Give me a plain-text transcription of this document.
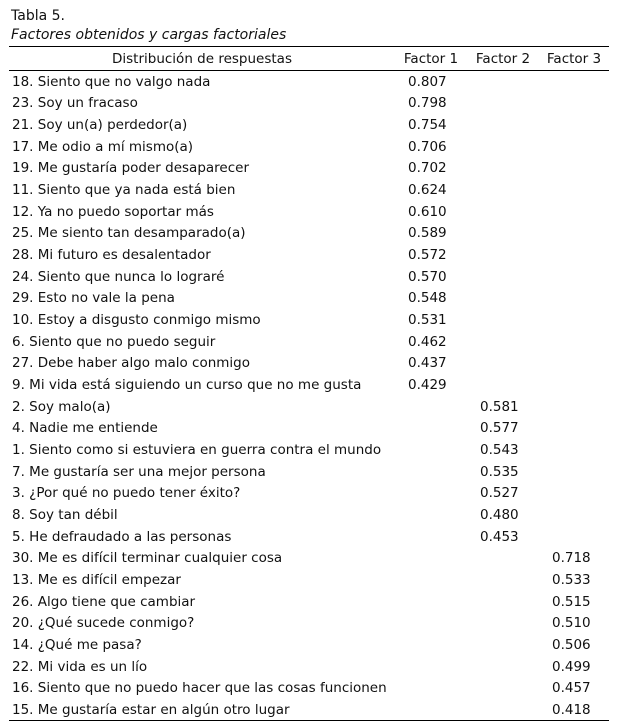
Tabla 5.
Factores obtenidos y cargas factoriales
Distribución de respuestas	Factor 1	Factor 2	Factor 3
18. Siento que no valgo nada	0.807		
23. Soy un fracaso	0.798		
21. Soy un(a) perdedor(a)	0.754		
17. Me odio a mí mismo(a)	0.706		
19. Me gustaría poder desaparecer	0.702		
11. Siento que ya nada está bien	0.624		
12. Ya no puedo soportar más	0.610		
25. Me siento tan desamparado(a)	0.589		
28. Mi futuro es desalentador	0.572		
24. Siento que nunca lo lograré	0.570		
29. Esto no vale la pena	0.548		
10. Estoy a disgusto conmigo mismo	0.531		
6. Siento que no puedo seguir	0.462		
27. Debe haber algo malo conmigo	0.437		
9. Mi vida está siguiendo un curso que no me gusta	0.429		
2. Soy malo(a)		0.581	
4. Nadie me entiende		0.577	
1. Siento como si estuviera en guerra contra el mundo		0.543	
7. Me gustaría ser una mejor persona		0.535	
3. ¿Por qué no puedo tener éxito?		0.527	
8. Soy tan débil		0.480	
5. He defraudado a las personas		0.453	
30. Me es difícil terminar cualquier cosa			0.718
13. Me es difícil empezar			0.533
26. Algo tiene que cambiar			0.515
20. ¿Qué sucede conmigo?			0.510
14. ¿Qué me pasa?			0.506
22. Mi vida es un lío			0.499
16. Siento que no puedo hacer que las cosas funcionen			0.457
15. Me gustaría estar en algún otro lugar			0.418
